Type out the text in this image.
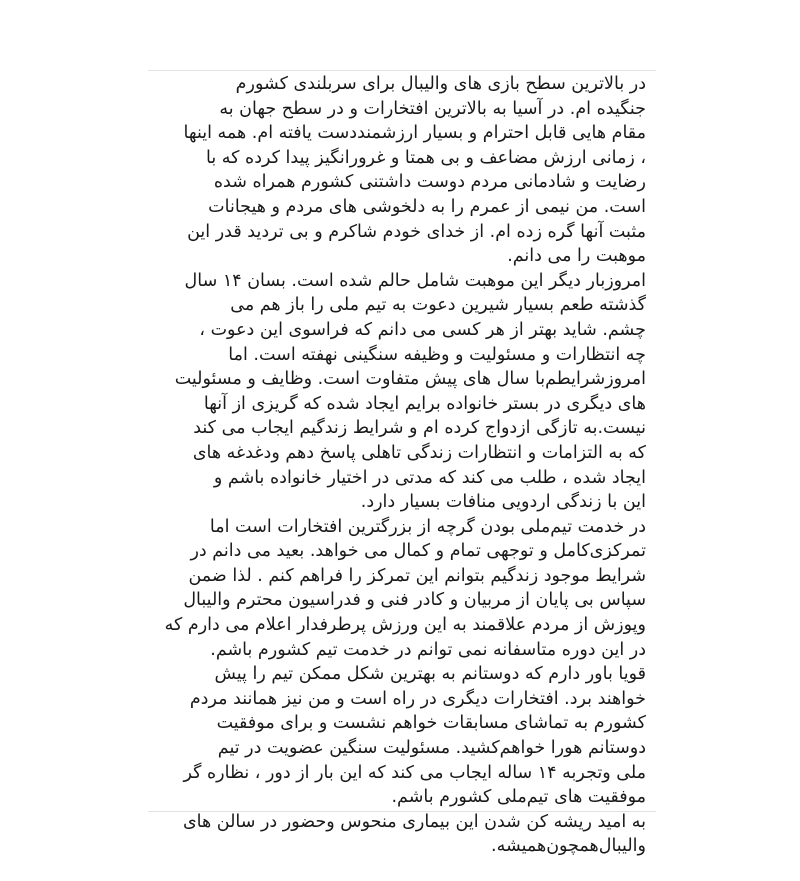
در بالاترین سطح بازی های والیبال برای سربلندی کشورم
جنگیده ام. در آسیا به بالاترین افتخارات و در سطح جهان به
مقام هایی قابل احترام و بسیار ارزشمنددست یافته ام. همه اینها
، زمانی ارزش مضاعف و بی همتا و غرورانگیز پیدا کرده که با
رضایت و شادمانی مردم دوست داشتنی کشورم همراه شده
است. من نیمی از عمرم را به دلخوشی های مردم و هیجانات
مثبت آنها گره زده ام. از خدای خودم شاکرم و بی تردید قدر این
موهبت را می دانم.

امروزبار دیگر این موهبت شامل حالم شده است. بسان ۱۴ سال
گذشته طعم بسیار شیرین دعوت به تیم ملی را باز هم می
چشم. شاید بهتر از هر کسی می دانم که فراسوی این دعوت ،
چه انتظارات و مسئولیت و وظیفه سنگینی نهفته است. اما
امروزشرایطم‌با سال های پیش متفاوت است. وظایف و مسئولیت
های دیگری در بستر خانواده برایم ایجاد شده که گریزی از آنها
نیست.به تازگی ازدواج کرده ام و شرایط زندگیم ایجاب می کند
که به التزامات و انتظارات زندگی تاهلی پاسخ دهم ودغدغه های
ایجاد شده ، طلب می کند که مدتی در اختیار خانواده باشم و
این با زندگی اردویی منافات بسیار دارد.

در خدمت تیم‌ملی بودن گرچه از بزرگترین افتخارات است اما
تمرکزی‌کامل و توجهی تمام و کمال می خواهد. بعید می دانم در
شرایط موجود زندگیم بتوانم این تمرکز را فراهم کنم . لذا ضمن
سپاس بی پایان از مربیان و کادر فنی و فدراسیون محترم والیبال
وپوزش از مردم علاقمند به این ورزش پرطرفدار اعلام می دارم که
در این دوره متاسفانه نمی توانم در خدمت تیم کشورم باشم.

قویا باور دارم که دوستانم به بهترین شکل ممکن تیم را پیش
خواهند برد. افتخارات دیگری در راه است و من نیز همانند مردم
کشورم به تماشای مسابقات خواهم نشست و برای موفقیت
دوستانم هورا خواهم‌کشید. مسئولیت سنگین عضویت در تیم
ملی وتجربه ۱۴ ساله ایجاب می کند که این بار از دور ، نظاره گر
موفقیت های تیم‌ملی کشورم باشم.

به امید ریشه کن شدن این بیماری منحوس وحضور در سالن های
والیبال‌همچون‌همیشه.
